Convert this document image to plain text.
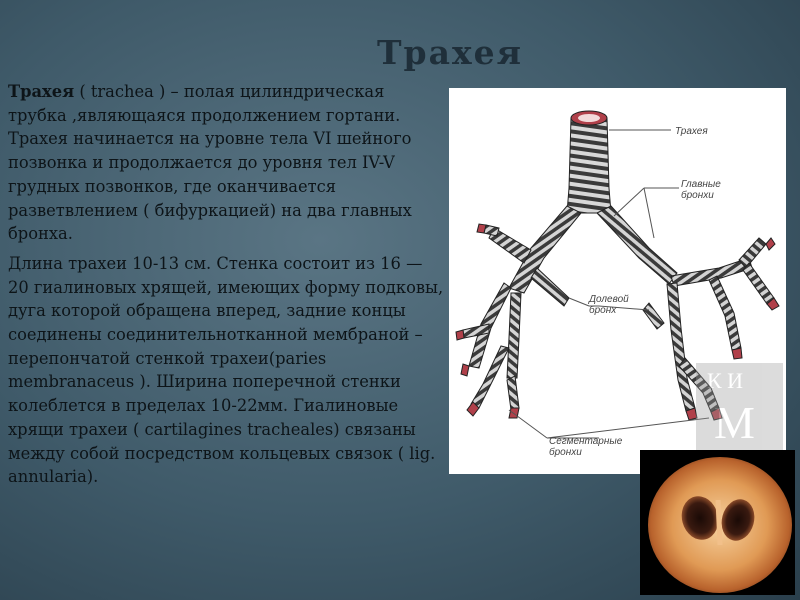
Трахея

Трахея ( trachea ) – полая цилиндрическая трубка ,являющаяся продолжением гортани. Трахея начинается на уровне тела VI шейного позвонка и продолжается до уровня тел IV-V грудных позвонков, где оканчивается разветвлением ( бифуркацией) на два главных бронха.

Длина трахеи 10-13 см. Стенка состоит из 16 — 20 гиалиновых хрящей, имеющих форму подковы, дуга которой обращена вперед, задние концы соединены соединительнотканной мембраной – перепончатой стенкой трахеи(paries membranaceus ). Ширина поперечной стенки колеблется в пределах 10-22мм. Гиалиновые хрящи трахеи ( cartilagines tracheales) связаны между собой посредством кольцевых связок ( lig. annularia).

Трахея
Главные
бронхи
Долевой
бронх
Сегментарные
бронхи
К И
М
